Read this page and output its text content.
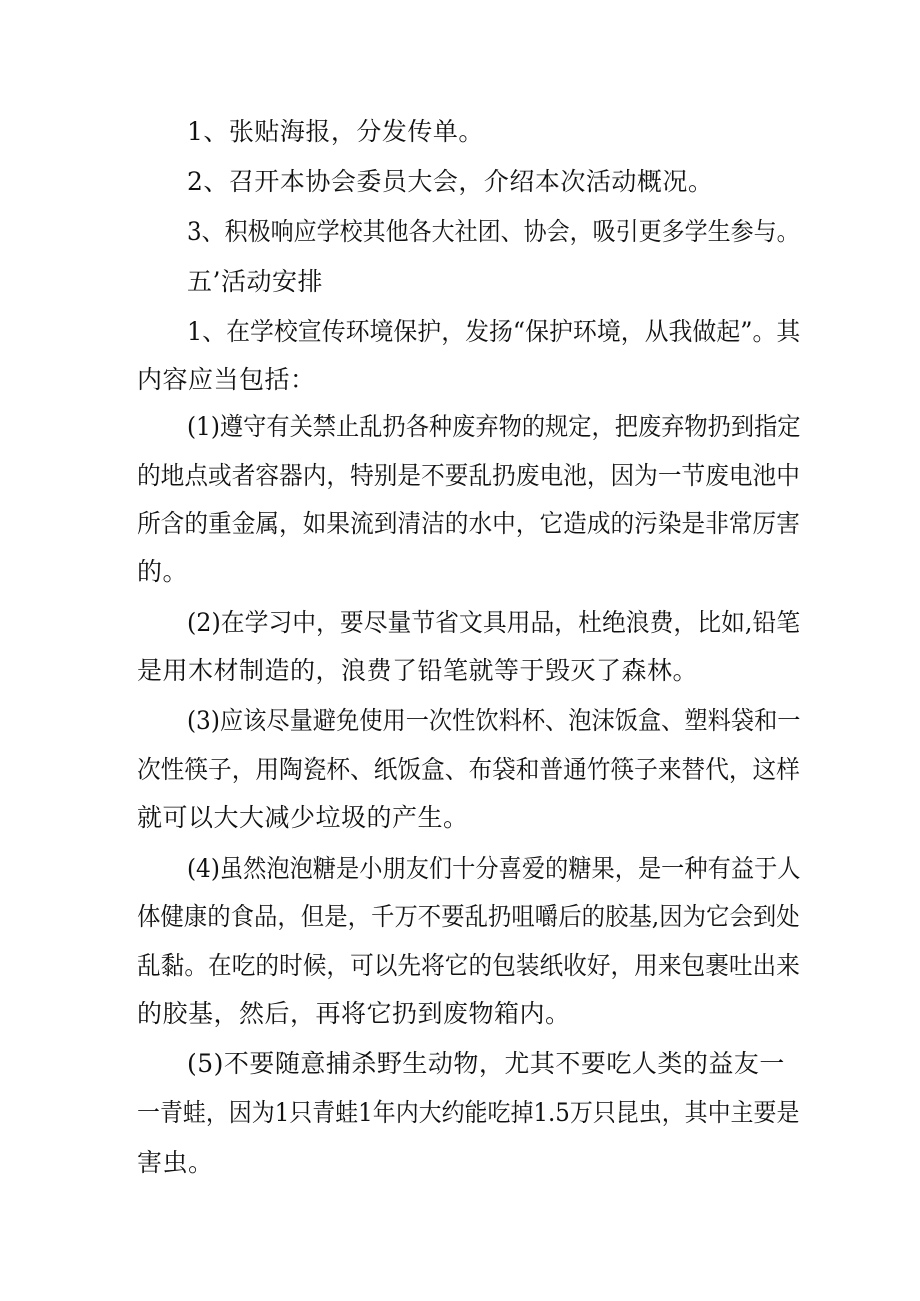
1、张贴海报，分发传单。
2、召开本协会委员大会，介绍本次活动概况。
3、积极响应学校其他各大社团、协会，吸引更多学生参与。
五’活动安排
1、在学校宣传环境保护，发扬“保护环境，从我做起”。其
内容应当包括：
(1)遵守有关禁止乱扔各种废弃物的规定，把废弃物扔到指定
的地点或者容器内，特别是不要乱扔废电池，因为一节废电池中
所含的重金属，如果流到清洁的水中，它造成的污染是非常厉害
的。
(2)在学习中，要尽量节省文具用品，杜绝浪费，比如,铅笔
是用木材制造的，浪费了铅笔就等于毁灭了森林。
(3)应该尽量避免使用一次性饮料杯、泡沫饭盒、塑料袋和一
次性筷子，用陶瓷杯、纸饭盒、布袋和普通竹筷子来替代，这样
就可以大大减少垃圾的产生。
(4)虽然泡泡糖是小朋友们十分喜爱的糖果，是一种有益于人
体健康的食品，但是，千万不要乱扔咀嚼后的胶基,因为它会到处
乱黏。在吃的时候，可以先将它的包装纸收好，用来包裹吐出来
的胶基，然后，再将它扔到废物箱内。
(5)不要随意捕杀野生动物，尤其不要吃人类的益友一
一青蛙，因为1只青蛙1年内大约能吃掉1.5万只昆虫，其中主要是
害虫。
